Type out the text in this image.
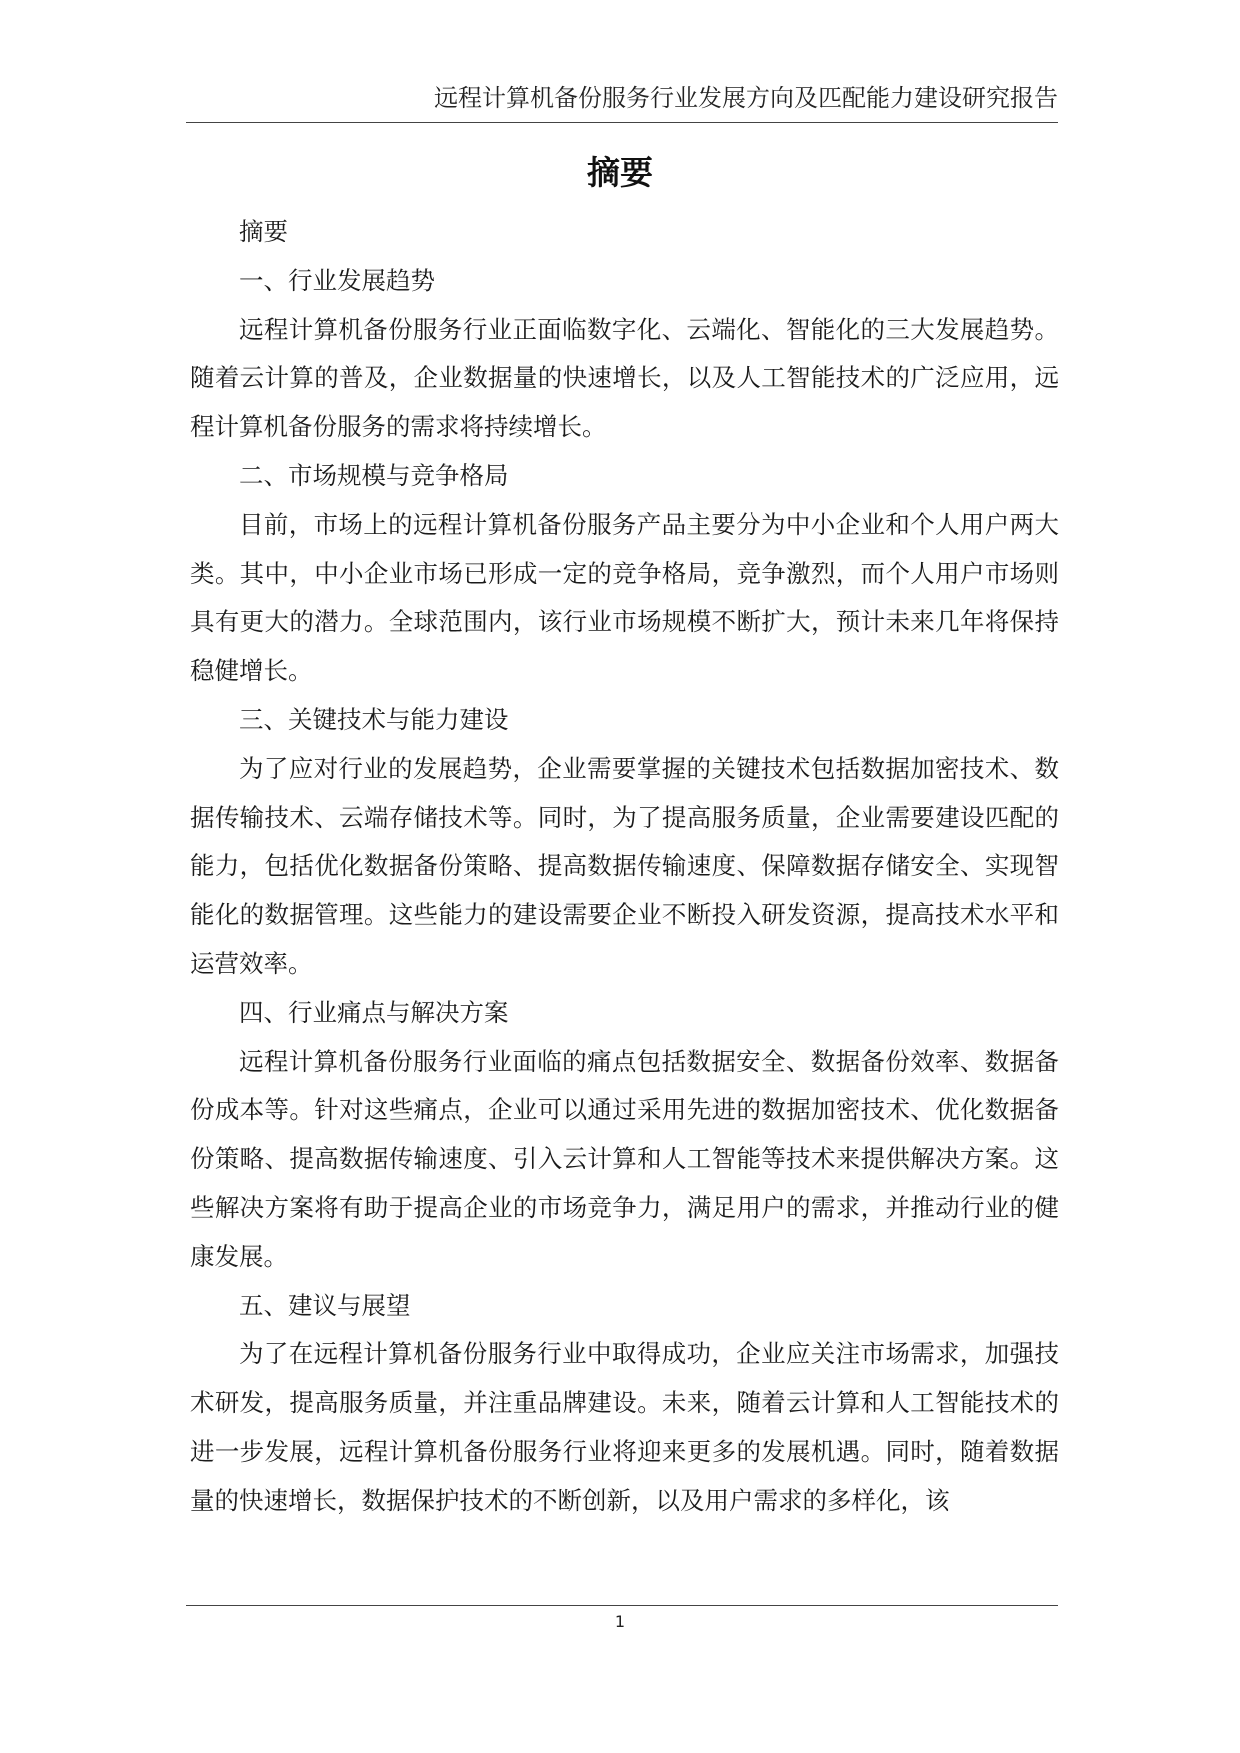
远程计算机备份服务行业发展方向及匹配能力建设研究报告
摘要

摘要

一、行业发展趋势

远程计算机备份服务行业正面临数字化、云端化、智能化的三大发展趋势。随着云计算的普及，企业数据量的快速增长，以及人工智能技术的广泛应用，远程计算机备份服务的需求将持续增长。

二、市场规模与竞争格局

目前，市场上的远程计算机备份服务产品主要分为中小企业和个人用户两大类。其中，中小企业市场已形成一定的竞争格局，竞争激烈，而个人用户市场则具有更大的潜力。全球范围内，该行业市场规模不断扩大，预计未来几年将保持稳健增长。

三、关键技术与能力建设

为了应对行业的发展趋势，企业需要掌握的关键技术包括数据加密技术、数据传输技术、云端存储技术等。同时，为了提高服务质量，企业需要建设匹配的能力，包括优化数据备份策略、提高数据传输速度、保障数据存储安全、实现智能化的数据管理。这些能力的建设需要企业不断投入研发资源，提高技术水平和运营效率。

四、行业痛点与解决方案

远程计算机备份服务行业面临的痛点包括数据安全、数据备份效率、数据备份成本等。针对这些痛点，企业可以通过采用先进的数据加密技术、优化数据备份策略、提高数据传输速度、引入云计算和人工智能等技术来提供解决方案。这些解决方案将有助于提高企业的市场竞争力，满足用户的需求，并推动行业的健康发展。

五、建议与展望

为了在远程计算机备份服务行业中取得成功，企业应关注市场需求，加强技术研发，提高服务质量，并注重品牌建设。未来，随着云计算和人工智能技术的进一步发展，远程计算机备份服务行业将迎来更多的发展机遇。同时，随着数据量的快速增长，数据保护技术的不断创新，以及用户需求的多样化，该

1
